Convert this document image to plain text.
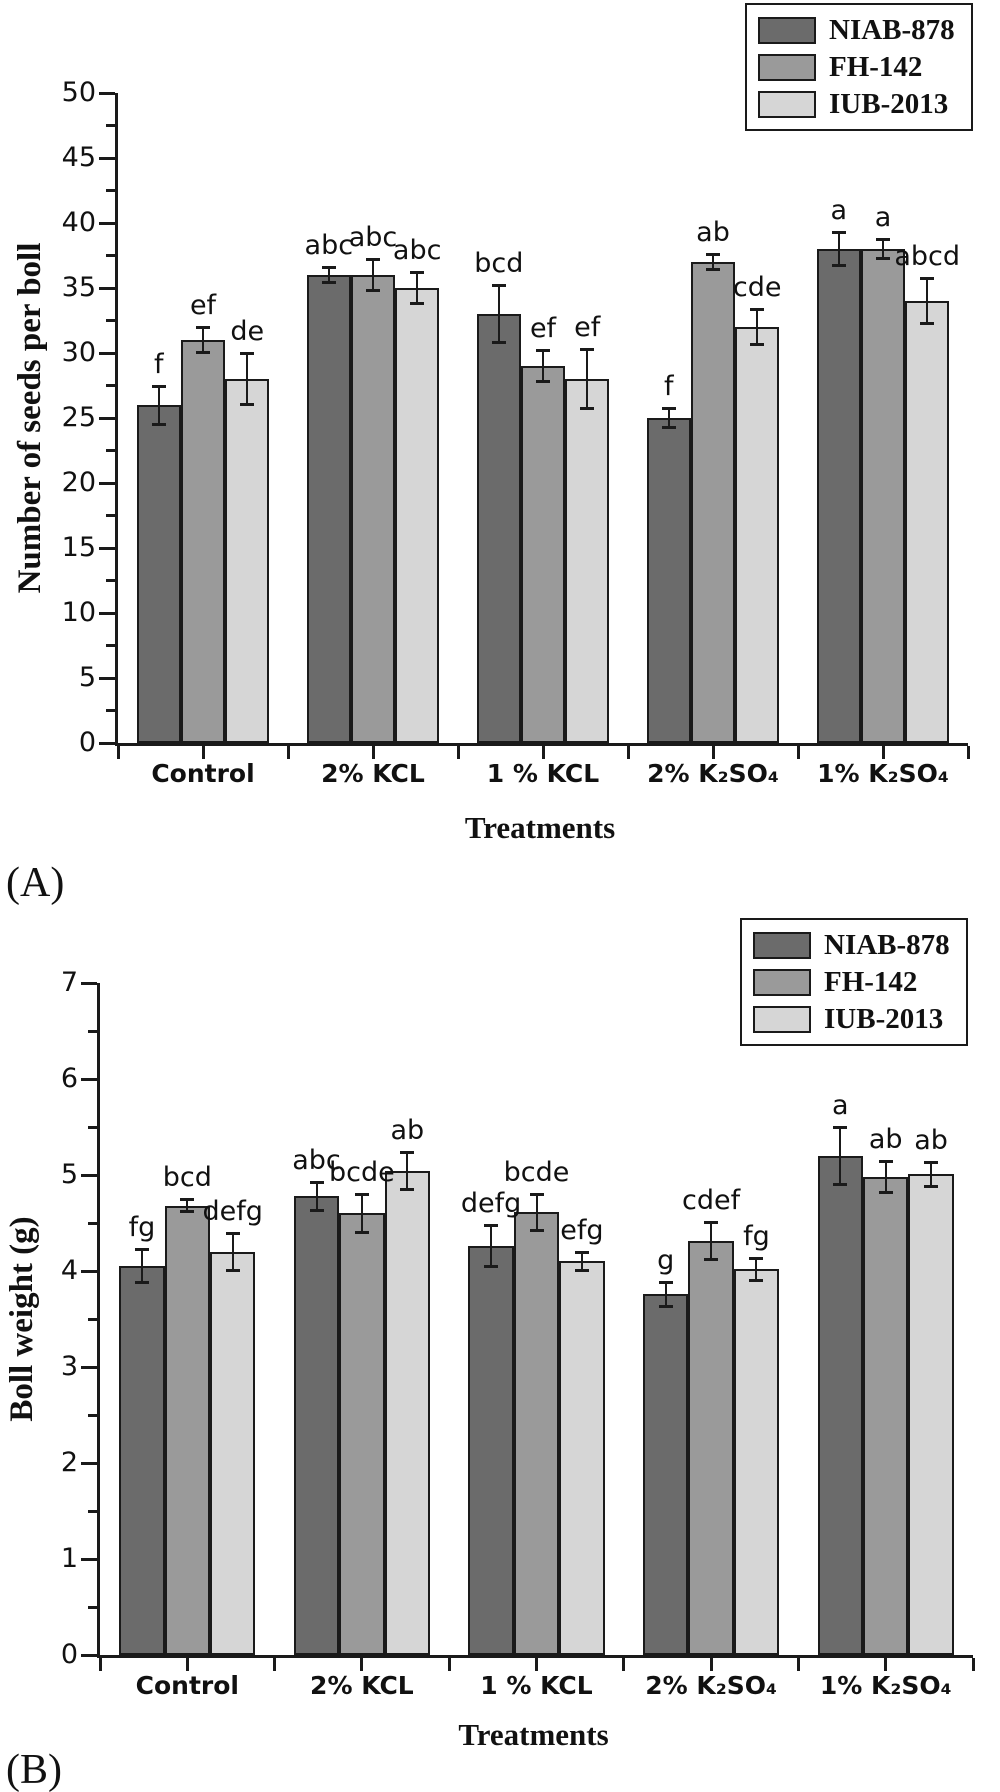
NIAB-878
FH-142
IUB-2013
Number of seeds per boll
0
5
10
15
20
25
30
35
40
45
50
Control	2% KCL	1 % KCL	2% K₂SO₄	1% K₂SO₄
f
abc
bcd
f
a
ef
abc
ef
ab
a
de
abc
ef
cde
abcd
Treatments
(A)
NIAB-878
FH-142
IUB-2013
Boll weight (g)
0
1
2
3
4
5
6
7
Control	2% KCL	1 % KCL	2% K₂SO₄	1% K₂SO₄
fg
abc
defg
g
a
bcd	bcde	bcde
cdef
ab
defg
ab
efg	fg
ab
Treatments
(B)
